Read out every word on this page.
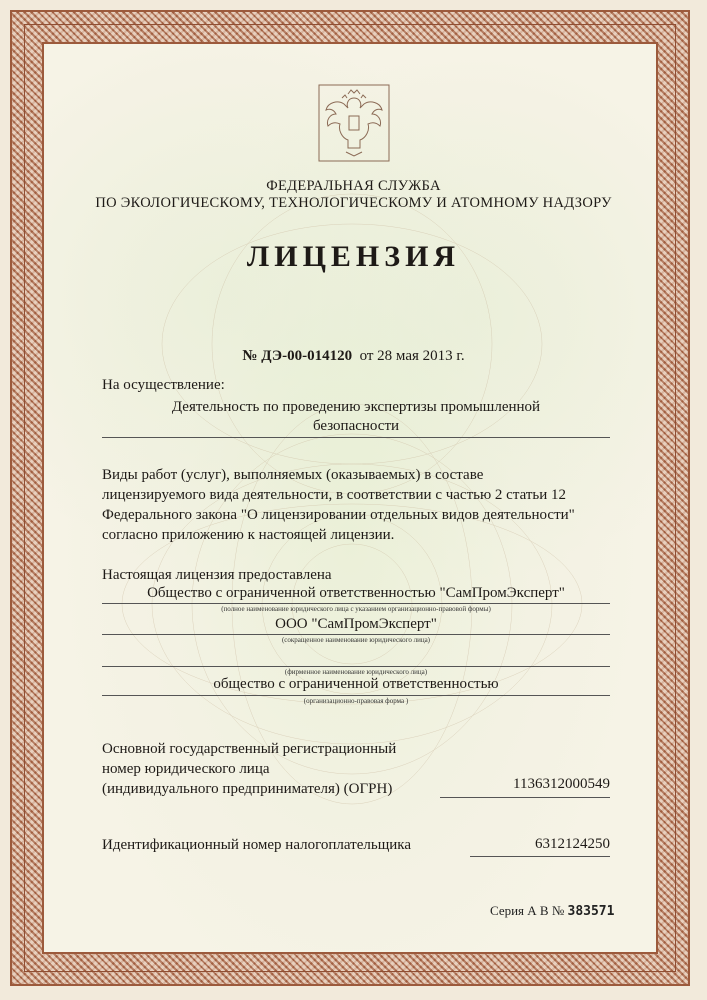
ФЕДЕРАЛЬНАЯ СЛУЖБА
ПО ЭКОЛОГИЧЕСКОМУ, ТЕХНОЛОГИЧЕСКОМУ И АТОМНОМУ НАДЗОРУ
ЛИЦЕНЗИЯ
№ ДЭ-00-014120 от 28 мая 2013 г.
На осуществление:
Деятельность по проведению экспертизы промышленной
безопасности
Виды работ (услуг), выполняемых (оказываемых) в составе
лицензируемого вида деятельности, в соответствии с частью 2 статьи 12
Федерального закона "О лицензировании отдельных видов деятельности"
согласно приложению к настоящей лицензии.
Настоящая лицензия предоставлена
Общество с ограниченной ответственностью "СамПромЭксперт"
(полное наименование юридического лица с указанием организационно-правовой формы)
ООО "СамПромЭксперт"
(сокращенное наименование юридического лица)
(фирменное наименование юридического лица)
общество с ограниченной ответственностью
(организационно-правовая форма )
Основной государственный регистрационный
номер юридического лица
(индивидуального предпринимателя) (ОГРН)	1136312000549
Идентификационный номер налогоплательщика	6312124250
Серия А В № 383571
